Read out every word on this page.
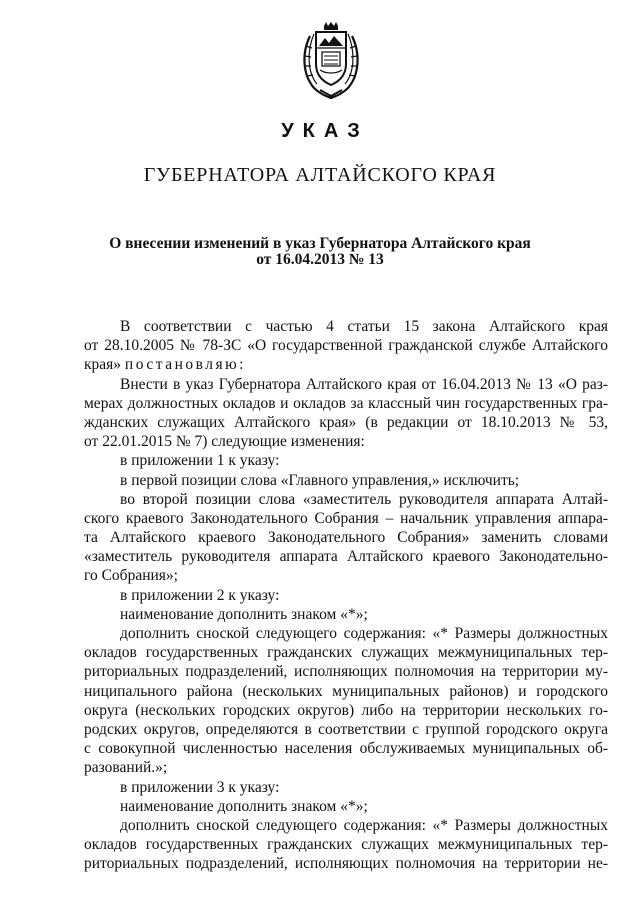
УКАЗ
ГУБЕРНАТОРА АЛТАЙСКОГО КРАЯ
О внесении изменений в указ Губернатора Алтайского края
от 16.04.2013 № 13
В соответствии с частью 4 статьи 15 закона Алтайского края
от 28.10.2005 № 78-ЗС «О государственной гражданской службе Алтайского
края» постановляю:
Внести в указ Губернатора Алтайского края от 16.04.2013 № 13 «О раз-
мерах должностных окладов и окладов за классный чин государственных гра-
жданских служащих Алтайского края» (в редакции от 18.10.2013 № 53,
от 22.01.2015 № 7) следующие изменения:
в приложении 1 к указу:
в первой позиции слова «Главного управления,» исключить;
во второй позиции слова «заместитель руководителя аппарата Алтай-
ского краевого Законодательного Собрания – начальник управления аппара-
та Алтайского краевого Законодательного Собрания» заменить словами
«заместитель руководителя аппарата Алтайского краевого Законодательно-
го Собрания»;
в приложении 2 к указу:
наименование дополнить знаком «*»;
дополнить сноской следующего содержания: «* Размеры должностных
окладов государственных гражданских служащих межмуниципальных тер-
риториальных подразделений, исполняющих полномочия на территории му-
ниципального района (нескольких муниципальных районов) и городского
округа (нескольких городских округов) либо на территории нескольких го-
родских округов, определяются в соответствии с группой городского округа
с совокупной численностью населения обслуживаемых муниципальных об-
разований.»;
в приложении 3 к указу:
наименование дополнить знаком «*»;
дополнить сноской следующего содержания: «* Размеры должностных
окладов государственных гражданских служащих межмуниципальных тер-
риториальных подразделений, исполняющих полномочия на территории не-
